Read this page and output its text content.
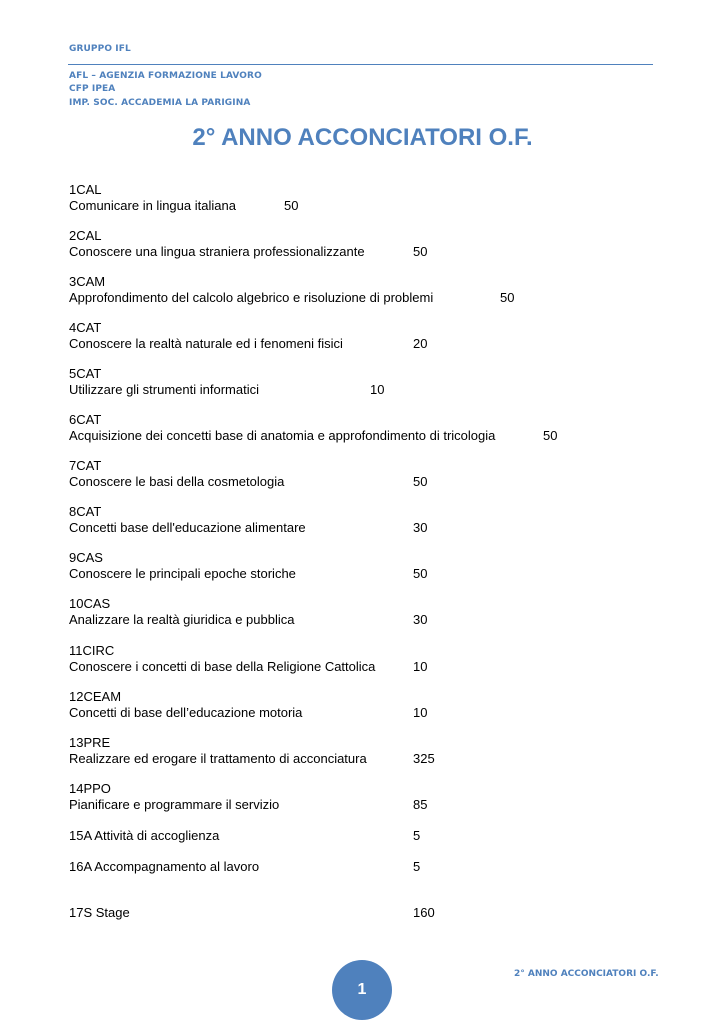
GRUPPO IFL
AFL – AGENZIA FORMAZIONE LAVORO
CFP IPEA
IMP. SOC. ACCADEMIA LA PARIGINA
2° ANNO ACCONCIATORI O.F.
1CAL
Comunicare in lingua italiana	50
2CAL
Conoscere una lingua straniera professionalizzante	50
3CAM
Approfondimento del calcolo algebrico e risoluzione di problemi	50
4CAT
Conoscere la realtà naturale ed i fenomeni fisici	20
5CAT
Utilizzare gli strumenti informatici	10
6CAT
Acquisizione dei concetti base di anatomia e approfondimento di tricologia	50
7CAT
Conoscere le basi della cosmetologia	50
8CAT
Concetti base dell'educazione alimentare	30
9CAS
Conoscere le principali epoche storiche	50
10CAS
Analizzare la realtà giuridica e pubblica	30
11CIRC
Conoscere i concetti di base della Religione Cattolica	10
12CEAM
Concetti di base dell’educazione motoria	10
13PRE
Realizzare ed erogare il trattamento di acconciatura	325
14PPO
Pianificare e programmare il servizio	85
15A Attività di accoglienza	5
16A Accompagnamento al lavoro	5
17S Stage	160
2° ANNO ACCONCIATORI O.F.
1
